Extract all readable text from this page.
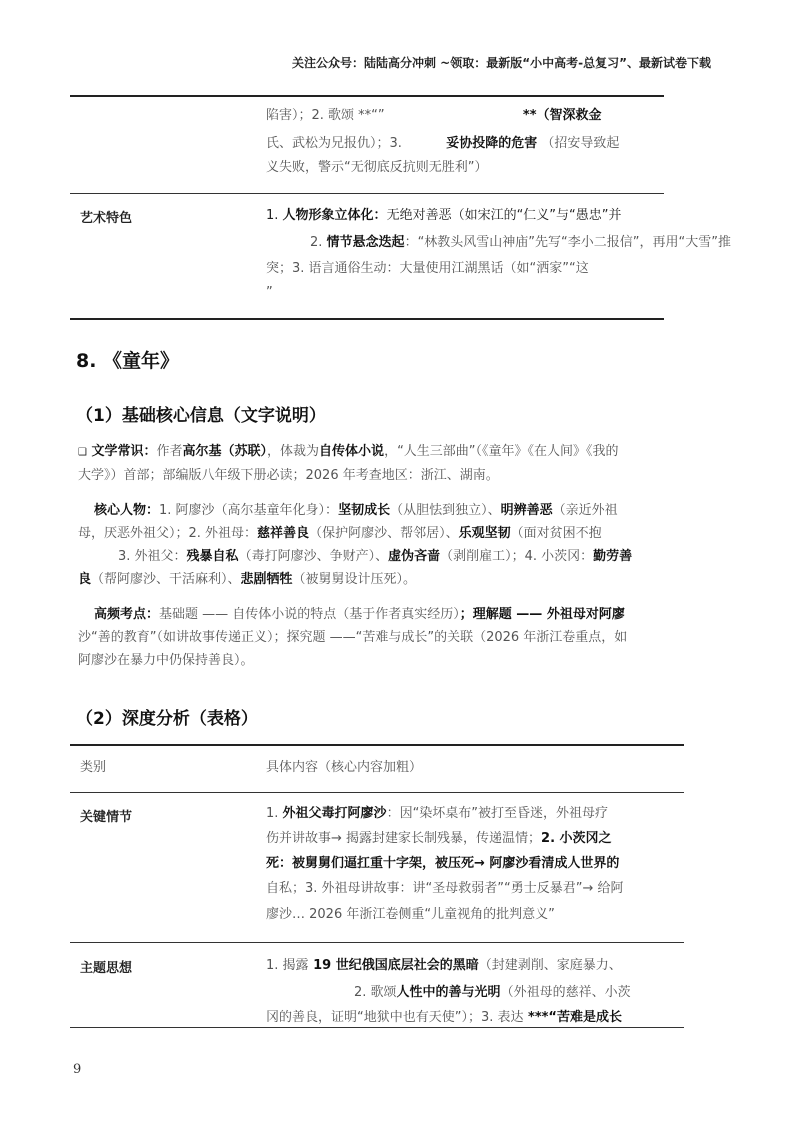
关注公众号：陆陆高分冲刺 ~领取：最新版“小中高考-总复习”、最新试卷下载
陷害）；2. 歌颂 **“”	**（智深救金
氏、武松为兄报仇）；3.	妥协投降的危害 （招安导致起
义失败，警示“无彻底反抗则无胜利”）
艺术特色	1. 人物形象立体化：无绝对善恶（如宋江的“仁义”与“愚忠”并
2. 情节悬念迭起：“林教头风雪山神庙”先写“李小二报信”，再用“大雪”推
突；3. 语言通俗生动：大量使用江湖黑话（如“洒家”“这
”
8. 《童年》
（1）基础核心信息（文字说明）
❑ 文学常识：作者高尔基（苏联），体裁为自传体小说，“人生三部曲”（《童年》《在人间》《我的
大学》）首部；部编版八年级下册必读；2026 年考查地区：浙江、湖南。
核心人物：1. 阿廖沙（高尔基童年化身）：坚韧成长（从胆怯到独立）、明辨善恶（亲近外祖
母，厌恶外祖父）；2. 外祖母：慈祥善良（保护阿廖沙、帮邻居）、乐观坚韧（面对贫困不抱
3. 外祖父：残暴自私（毒打阿廖沙、争财产）、虚伪吝啬（剥削雇工）；4. 小茨冈：勤劳善
良（帮阿廖沙、干活麻利）、悲剧牺牲（被舅舅设计压死）。
高频考点：基础题 —— 自传体小说的特点（基于作者真实经历）；理解题 —— 外祖母对阿廖
沙“善的教育”（如讲故事传递正义）；探究题 ——“苦难与成长”的关联（2026 年浙江卷重点，如
阿廖沙在暴力中仍保持善良）。
（2）深度分析（表格）
类别	具体内容（核心内容加粗）
关键情节	1. 外祖父毒打阿廖沙：因“染坏桌布”被打至昏迷，外祖母疗
伤并讲故事→ 揭露封建家长制残暴，传递温情；2. 小茨冈之
死：被舅舅们逼扛重十字架，被压死→ 阿廖沙看清成人世界的
自私；3. 外祖母讲故事：讲“圣母救弱者”“勇士反暴君”→ 给阿
廖沙… 2026 年浙江卷侧重“儿童视角的批判意义”
主题思想	1. 揭露 19 世纪俄国底层社会的黑暗（封建剥削、家庭暴力、
2. 歌颂人性中的善与光明（外祖母的慈祥、小茨
冈的善良，证明“地狱中也有天使”）；3. 表达 ***“苦难是成长
9
